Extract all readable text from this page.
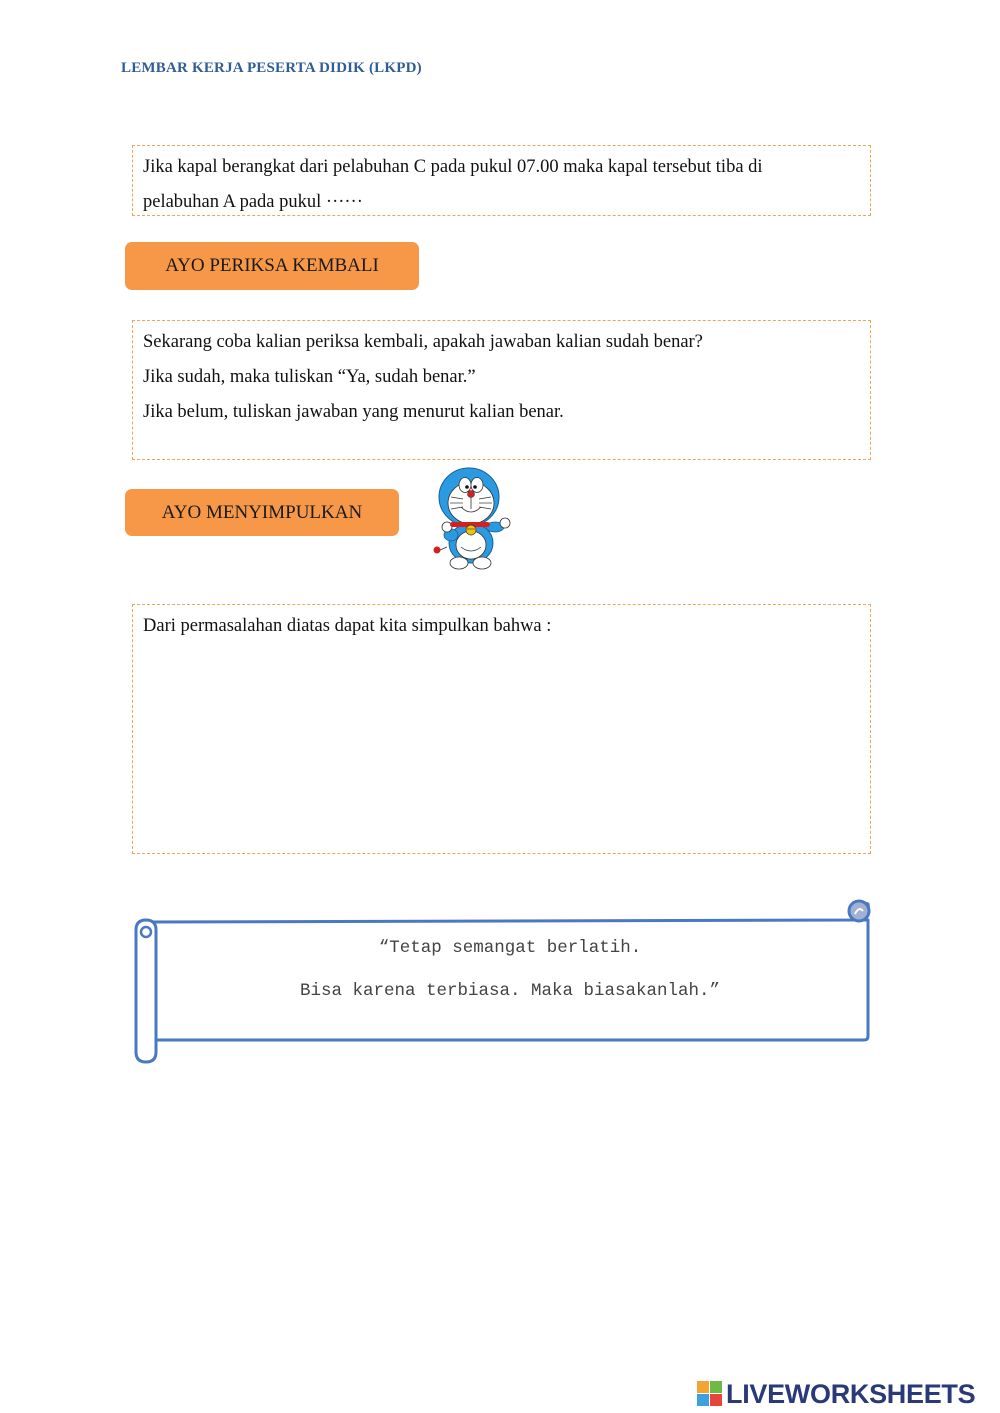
LEMBAR KERJA PESERTA DIDIK (LKPD)
Jika kapal berangkat dari pelabuhan C pada pukul 07.00 maka kapal tersebut tiba di
pelabuhan A pada pukul ······
AYO PERIKSA KEMBALI
Sekarang coba kalian periksa kembali, apakah jawaban kalian sudah benar?
Jika sudah, maka tuliskan “Ya, sudah benar.”
Jika belum, tuliskan jawaban yang menurut kalian benar.
AYO MENYIMPULKAN
Dari permasalahan diatas dapat kita simpulkan bahwa :
“Tetap semangat berlatih.
Bisa karena terbiasa. Maka biasakanlah.”
LIVEWORKSHEETS
